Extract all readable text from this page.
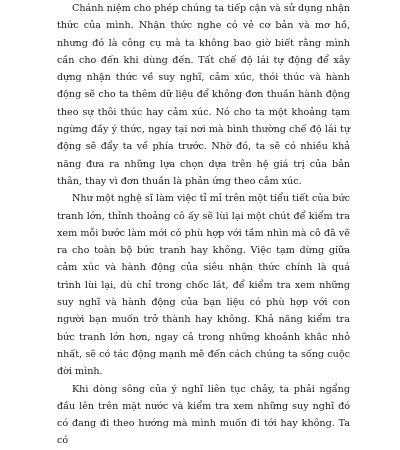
Chánh niệm cho phép chúng ta tiếp cận và sử dụng nhận thức của mình. Nhận thức nghe có vẻ cơ bản và mơ hồ, nhưng đó là công cụ mà ta không bao giờ biết rằng mình cần cho đến khi dùng đến. Tất chế độ lái tự động để xây dựng nhận thức về suy nghĩ, cảm xúc, thói thúc và hành động sẽ cho ta thêm dữ liệu để không đơn thuần hành động theo sự thôi thúc hay cảm xúc. Nó cho ta một khoảng tạm ngừng đầy ý thức, ngay tại nơi mà bình thường chế độ lái tự động sẽ đẩy ta về phía trước. Nhờ đó, ta sẽ có nhiều khả năng đưa ra những lựa chọn dựa trên hệ giá trị của bản thân, thay vì đơn thuần là phản ứng theo cảm xúc.

Như một nghệ sĩ làm việc tỉ mỉ trên một tiểu tiết của bức tranh lớn, thỉnh thoảng cô ấy sẽ lùi lại một chút để kiểm tra xem mỗi bước làm mới có phù hợp với tầm nhìn mà cô đã vẽ ra cho toàn bộ bức tranh hay không. Việc tạm dừng giữa cảm xúc và hành động của siêu nhận thức chính là quá trình lùi lại, dù chỉ trong chốc lát, để kiểm tra xem những suy nghĩ và hành động của bạn liệu có phù hợp với con người bạn muốn trở thành hay không. Khả năng kiểm tra bức tranh lớn hơn, ngay cả trong những khoảnh khắc nhỏ nhất, sẽ có tác động mạnh mẽ đến cách chúng ta sống cuộc đời mình.

Khi dòng sông của ý nghĩ liên tục chảy, ta phải ngẩng đầu lên trên mặt nước và kiểm tra xem những suy nghĩ đó có đang đi theo hướng mà mình muốn đi tới hay không. Ta có
